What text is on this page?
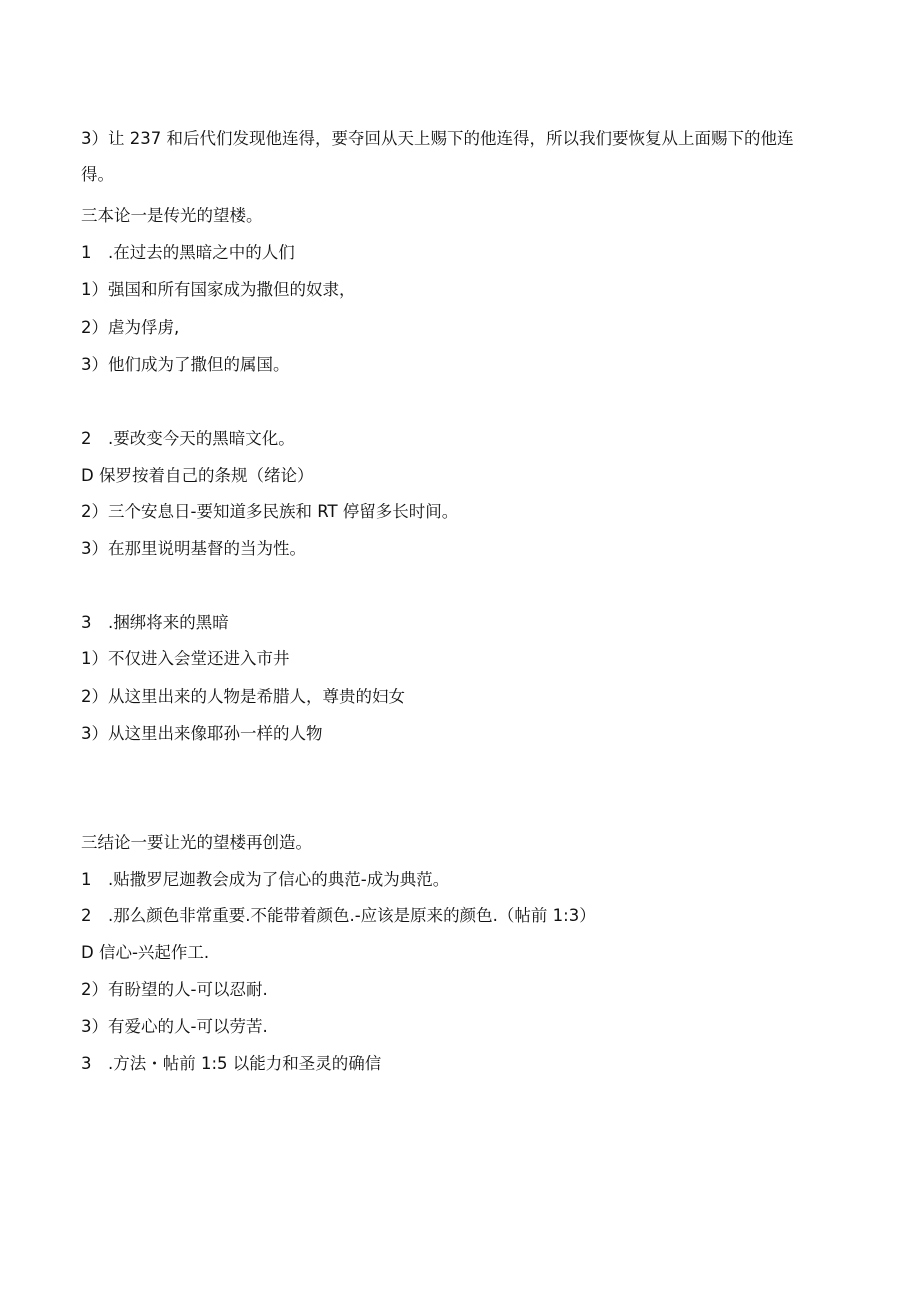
3）让 237 和后代们发现他连得，要夺回从天上赐下的他连得，所以我们要恢复从上面赐下的他连得。

三本论一是传光的望楼。

1　.在过去的黑暗之中的人们

1）强国和所有国家成为撒但的奴隶，

2）虐为俘虏,

3）他们成为了撒但的属国。

2　.要改变今天的黑暗文化。

D 保罗按着自己的条规（绪论）

2）三个安息日-要知道多民族和 RT 停留多长时间。

3）在那里说明基督的当为性。

3　.捆绑将来的黑暗

1）不仅进入会堂还进入市井

2）从这里出来的人物是希腊人，尊贵的妇女

3）从这里出来像耶孙一样的人物

三结论一要让光的望楼再创造。

1　.贴撒罗尼迦教会成为了信心的典范-成为典范。

2　.那么颜色非常重要.不能带着颜色.-应该是原来的颜色.（帖前 1:3）

D 信心-兴起作工.

2）有盼望的人-可以忍耐.

3）有爱心的人-可以劳苦.

3　.方法・帖前 1:5 以能力和圣灵的确信
